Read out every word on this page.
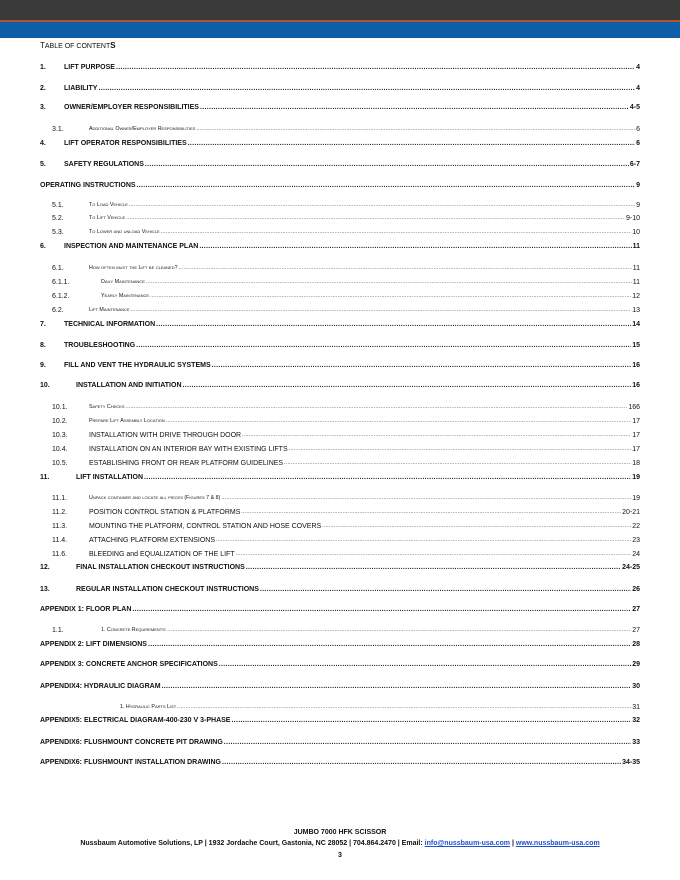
TABLE OF CONTENTS
1.	LIFT PURPOSE .....	4
2.	LIABILITY .....	4
3.	OWNER/EMPLOYER RESPONSIBILITIES .....	4-5
3.1.	Additional Owner/Employer Responsibilities .....	6
4.	LIFT OPERATOR RESPONSIBILITIES .....	6
5.	SAFETY REGULATIONS .....	6-7
OPERATING INSTRUCTIONS .....	9
5.1.	To Load Vehicle .....	9
5.2.	To Lift Vehicle .....	9-10
5.3.	To Lower and unload Vehicle .....	10
6.	INSPECTION AND MAINTENANCE PLAN .....	11
6.1.	How often must the Lift be cleaned? .....	11
6.1.1.	Daily Maintenance .....	11
6.1.2.	Yearly Maintenance .....	12
6.2.	Lift Maintenance .....	13
7.	TECHNICAL INFORMATION .....	14
8.	TROUBLESHOOTING .....	15
9.	FILL AND VENT THE HYDRAULIC SYSTEMS .....	16
10.	INSTALLATION AND INITIATION .....	16
10.1.	Safety Checks .....	166
10.2.	Prepare Lift Assembly Location .....	17
10.3.	INSTALLATION WITH DRIVE THROUGH DOOR .....	17
10.4.	INSTALLATION ON AN INTERIOR BAY WITH EXISTING LIFTS .....	17
10.5.	ESTABLISHING FRONT OR REAR PLATFORM GUIDELINES .....	18
11.	LIFT INSTALLATION .....	19
11.1.	Unpack container and locate all pieces (Figures 7 & 8) .....	19
11.2.	POSITION CONTROL STATION & PLATFORMS .....	20-21
11.3.	MOUNTING THE PLATFORM, CONTROL STATION AND HOSE COVERS .....	22
11.4.	ATTACHING PLATFORM EXTENSIONS .....	23
11.6.	BLEEDING and EQUALIZATION OF THE LIFT .....	24
12.	FINAL INSTALLATION CHECKOUT INSTRUCTIONS .....	24-25
13.	REGULAR INSTALLATION CHECKOUT INSTRUCTIONS .....	26
APPENDIX 1: FLOOR PLAN .....	27
1.1.	1. Concrete Requirements: .....	27
APPENDIX 2: LIFT DIMENSIONS .....	28
APPENDIX 3: CONCRETE ANCHOR SPECIFICATIONS .....	29
APPENDIX4: HYDRAULIC DIAGRAM .....	30
1. Hydraulic Parts List .....	31
APPENDIX5: ELECTRICAL DIAGRAM-400-230 V 3-PHASE .....	32
APPENDIX6: FLUSHMOUNT CONCRETE PIT DRAWING .....	33
APPENDIX6: FLUSHMOUNT INSTALLATION DRAWING .....	34-35
JUMBO 7000 HFK SCISSOR
Nussbaum Automotive Solutions, LP | 1932 Jordache Court, Gastonia, NC 28052 | 704.864.2470 | Email: info@nussbaum-usa.com | www.nussbaum-usa.com
3
